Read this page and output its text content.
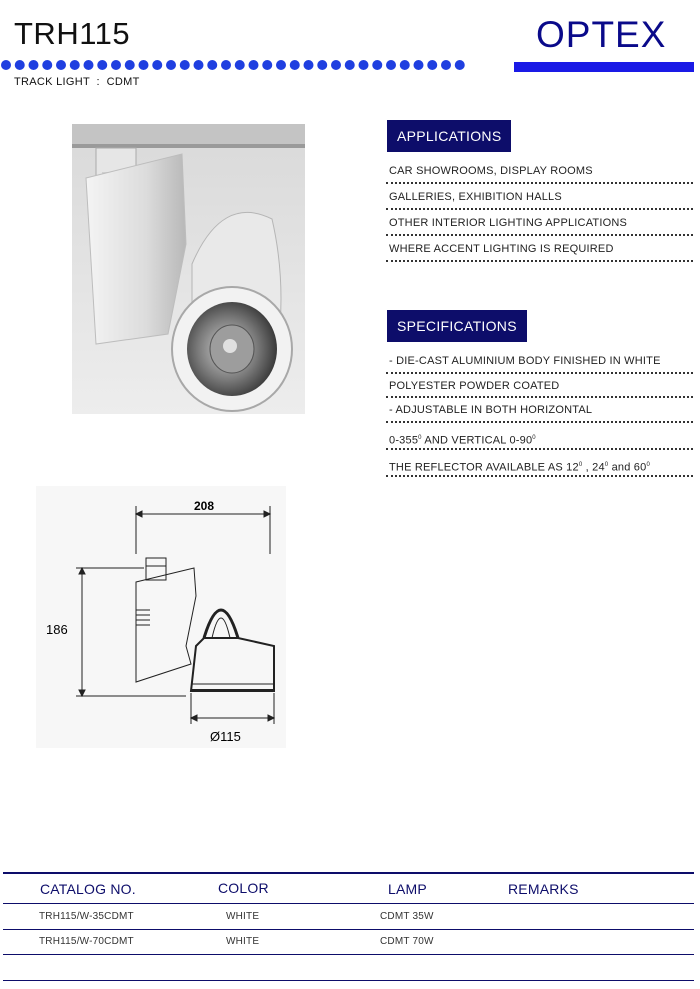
TRH115	OPTEX
TRACK LIGHT  :  CDMT
208
186
Ø115
APPLICATIONS
CAR SHOWROOMS, DISPLAY ROOMS
GALLERIES, EXHIBITION HALLS
OTHER INTERIOR LIGHTING APPLICATIONS
WHERE ACCENT LIGHTING IS REQUIRED
SPECIFICATIONS
- DIE-CAST ALUMINIUM BODY FINISHED IN WHITE
POLYESTER POWDER COATED
- ADJUSTABLE IN BOTH HORIZONTAL
$0-355^0$ AND VERTICAL $0-90^0$
THE REFLECTOR AVAILABLE AS $12^0$ , $24^0$ and $60^0$
CATALOG NO.	COLOR	LAMP	REMARKS
TRH115/W-35CDMT	WHITE	CDMT 35W
TRH115/W-70CDMT	WHITE	CDMT 70W
